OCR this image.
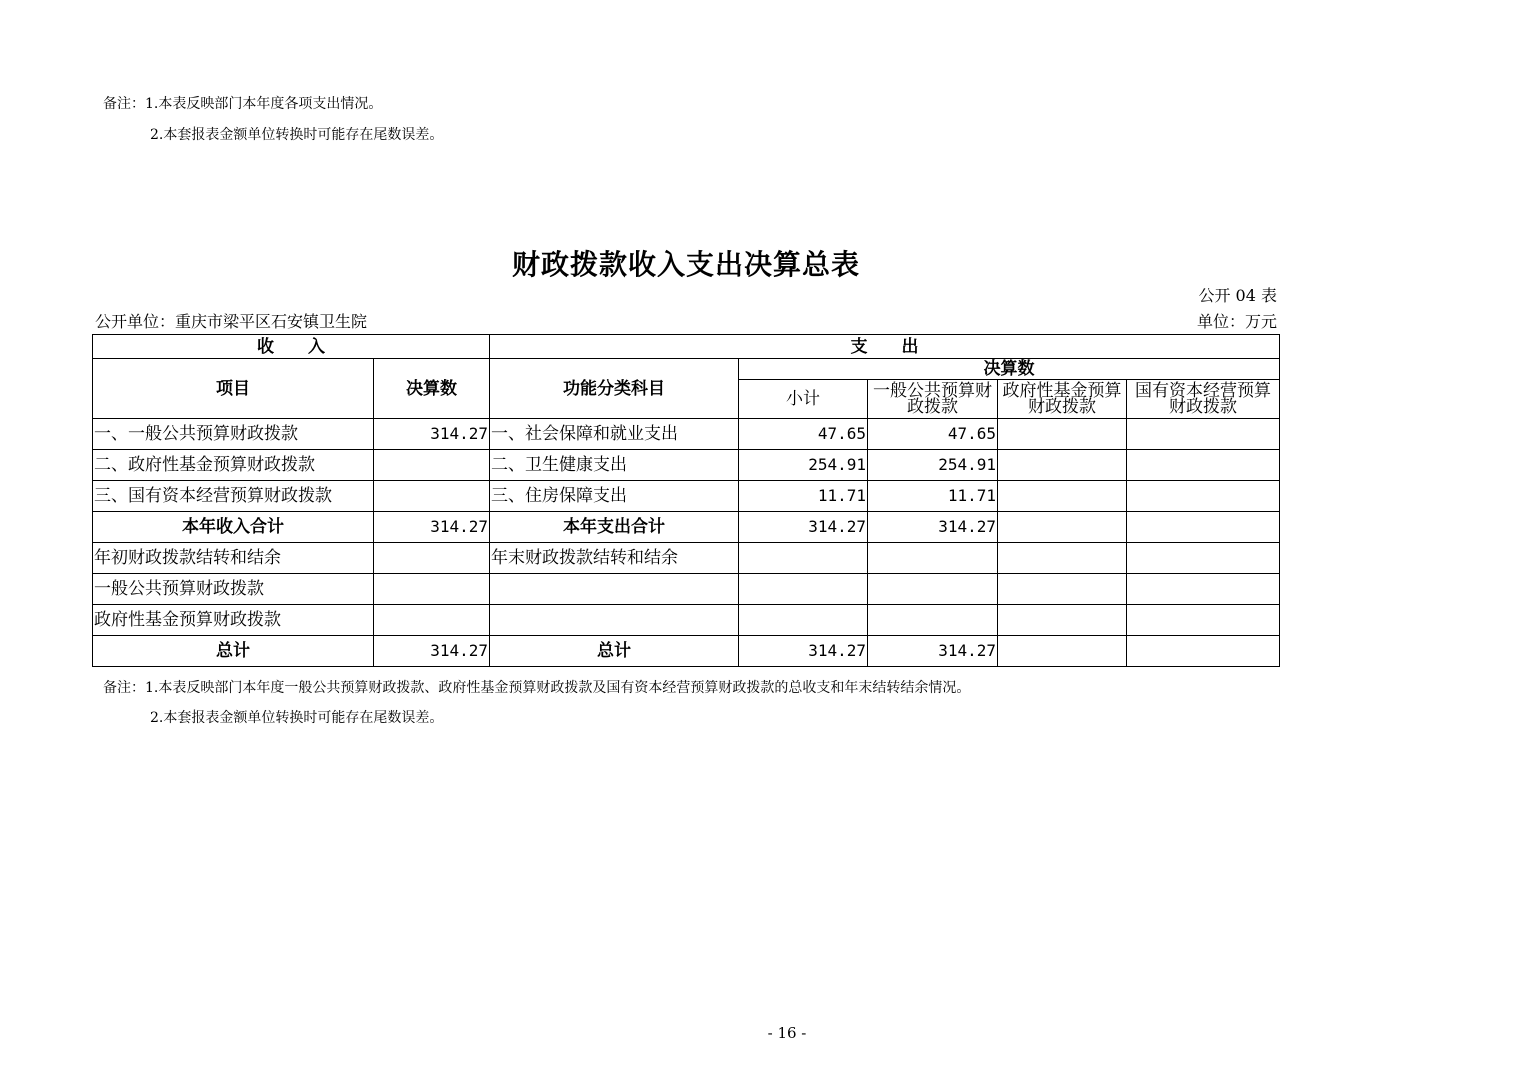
备注：1.本表反映部门本年度各项支出情况。
2.本套报表金额单位转换时可能存在尾数误差。
财政拨款收入支出决算总表
公开 04 表
公开单位：重庆市梁平区石安镇卫生院	单位：万元
收　　入		支　　出				
项目	决算数	功能分类科目	决算数			
			小计	一般公共预算财政拨款	政府性基金预算财政拨款	国有资本经营预算财政拨款
一、一般公共预算财政拨款	314.27	一、社会保障和就业支出	47.65	47.65		
二、政府性基金预算财政拨款		二、卫生健康支出	254.91	254.91		
三、国有资本经营预算财政拨款		三、住房保障支出	11.71	11.71		
本年收入合计	314.27	本年支出合计	314.27	314.27		
年初财政拨款结转和结余		年末财政拨款结转和结余				
一般公共预算财政拨款						
政府性基金预算财政拨款						
总计	314.27	总计	314.27	314.27		
备注：1.本表反映部门本年度一般公共预算财政拨款、政府性基金预算财政拨款及国有资本经营预算财政拨款的总收支和年末结转结余情况。
2.本套报表金额单位转换时可能存在尾数误差。
- 16 -
